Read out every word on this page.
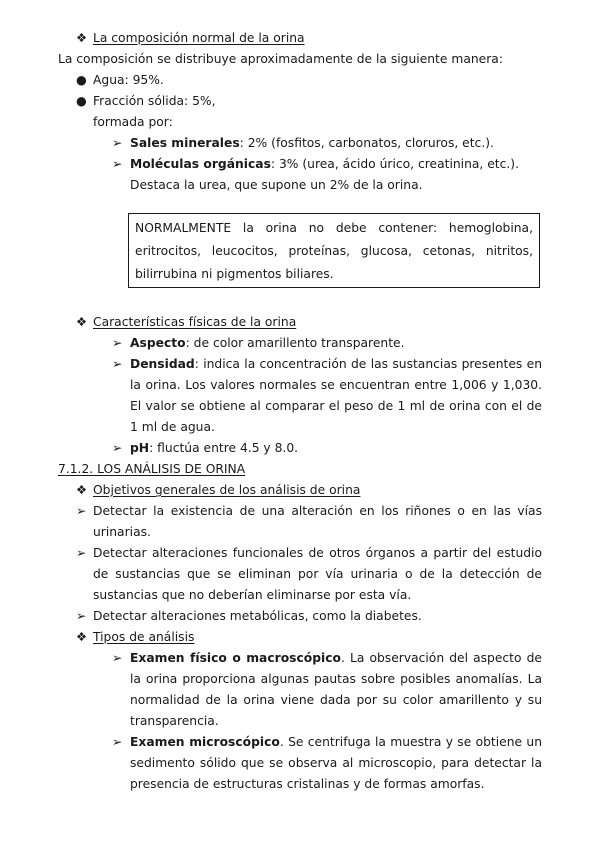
❖ La composición normal de la orina
La composición se distribuye aproximadamente de la siguiente manera:
● Agua: 95%.
● Fracción sólida: 5%,
formada por:
➢ Sales minerales: 2% (fosfitos, carbonatos, cloruros, etc.).
➢ Moléculas orgánicas: 3% (urea, ácido úrico, creatinina, etc.).
Destaca la urea, que supone un 2% de la orina.
NORMALMENTE la orina no debe contener: hemoglobina, eritrocitos, leucocitos, proteínas, glucosa, cetonas, nitritos, bilirrubina ni pigmentos biliares.
❖ Características físicas de la orina
➢ Aspecto: de color amarillento transparente.
➢ Densidad: indica la concentración de las sustancias presentes en la orina. Los valores normales se encuentran entre 1,006 y 1,030. El valor se obtiene al comparar el peso de 1 ml de orina con el de 1 ml de agua.
➢ pH: fluctúa entre 4.5 y 8.0.
7.1.2. LOS ANÁLISIS DE ORINA
❖ Objetivos generales de los análisis de orina
➢ Detectar la existencia de una alteración en los riñones o en las vías urinarias.
➢ Detectar alteraciones funcionales de otros órganos a partir del estudio de sustancias que se eliminan por vía urinaria o de la detección de sustancias que no deberían eliminarse por esta vía.
➢ Detectar alteraciones metabólicas, como la diabetes.
❖ Tipos de análisis
➢ Examen físico o macroscópico. La observación del aspecto de la orina proporciona algunas pautas sobre posibles anomalías. La normalidad de la orina viene dada por su color amarillento y su transparencia.
➢ Examen microscópico. Se centrifuga la muestra y se obtiene un sedimento sólido que se observa al microscopio, para detectar la presencia de estructuras cristalinas y de formas amorfas.
